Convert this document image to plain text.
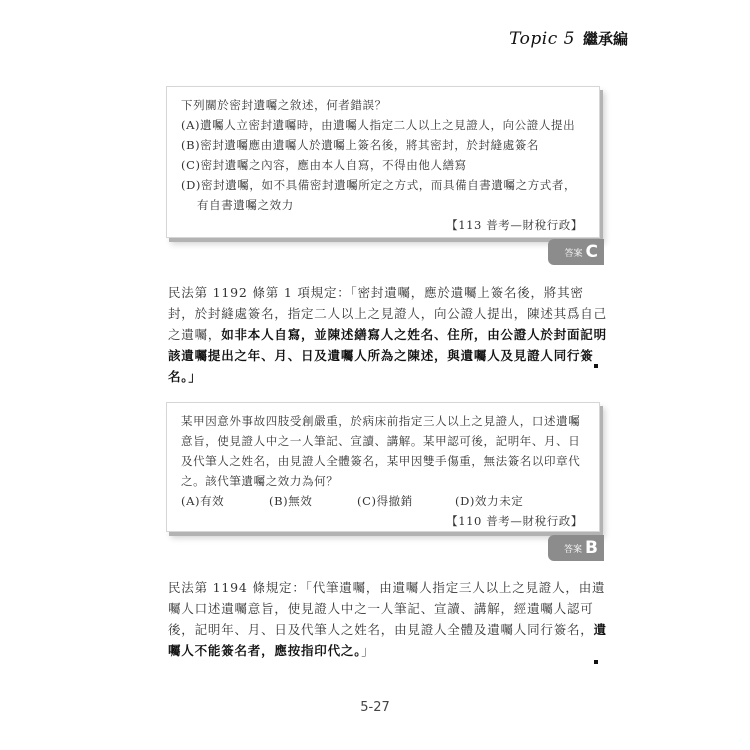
Topic 5 繼承編

下列關於密封遺囑之敘述，何者錯誤？

(A)遺囑人立密封遺囑時，由遺囑人指定二人以上之見證人，向公證人提出

(B)密封遺囑應由遺囑人於遺囑上簽名後，將其密封，於封縫處簽名

(C)密封遺囑之內容，應由本人自寫，不得由他人繕寫

(D)密封遺囑，如不具備密封遺囑所定之方式，而具備自書遺囑之方式者，

有自書遺囑之效力

【113 普考—財稅行政】

答案 C
民法第 1192 條第 1 項規定：「密封遺囑，應於遺囑上簽名後，將其密封，於封縫處簽名，指定二人以上之見證人，向公證人提出，陳述其爲自己之遺囑，如非本人自寫，並陳述繕寫人之姓名、住所，由公證人於封面記明該遺囑提出之年、月、日及遺囑人所為之陳述，與遺囑人及見證人同行簽名。」

某甲因意外事故四肢受創嚴重，於病床前指定三人以上之見證人，口述遺囑意旨，使見證人中之一人筆記、宣讀、講解。某甲認可後，記明年、月、日及代筆人之姓名，由見證人全體簽名，某甲因雙手傷重，無法簽名以印章代之。該代筆遺囑之效力為何？

(A)有效	(B)無效	(C)得撤銷	(D)效力未定

【110 普考—財稅行政】

答案 B
民法第 1194 條規定：「代筆遺囑，由遺囑人指定三人以上之見證人，由遺囑人口述遺囑意旨，使見證人中之一人筆記、宣讀、講解，經遺囑人認可後，記明年、月、日及代筆人之姓名，由見證人全體及遺囑人同行簽名，遺囑人不能簽名者，應按指印代之。」
5-27
